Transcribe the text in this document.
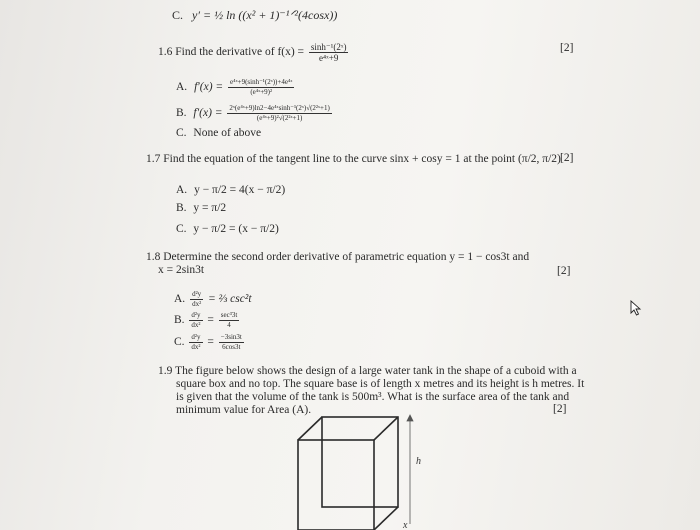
C. y′ = ½ ln ((x² + 1)⁻¹ᐟ²(4cosx))
1.6 Find the derivative of $f(x) = \frac{\text{sinh⁻¹(2ˣ)}}{\text{e⁴ˣ+9}}$	[2]
A. $f'(x) = \frac{\text{e⁴ˣ+9(sinh⁻¹(2ˣ))+4e⁴ˣ}}{\text{(e⁴ˣ+9)²}}$
B. $f'(x) = \frac{\text{2ˣ(e⁴ˣ+9)ln2−4e⁴ˣsinh⁻¹(2ˣ)√(2²ˣ+1)}}{\text{(e⁴ˣ+9)²√(2²ˣ+1)}}$
C. None of above
1.7 Find the equation of the tangent line to the curve sinx + cosy = 1 at the point (π/2, π/2) [2]
A. y − π/2 = 4(x − π/2)
B. y = π/2
C. y − π/2 = (x − π/2)
1.8 Determine the second order derivative of parametric equation y = 1 − cos3t and
x = 2sin3t	[2]
A. $\frac{\text{d²y}}{\text{dx²}}$ = ⅔ csc²t
B. $\frac{\text{d²y}}{\text{dx²}} = \frac{\text{sec³3t}}{4}$
C. $\frac{\text{d²y}}{\text{dx²}} = \frac{-3\sin 3t}{6\cos 3t}$
1.9 The figure below shows the design of a large water tank in the shape of a cuboid with a
square box and no top. The square base is of length x metres and its height is h metres. It
is given that the volume of the tank is 500m³. What is the surface area of the tank and
minimum value for Area (A).	[2]
h
x
